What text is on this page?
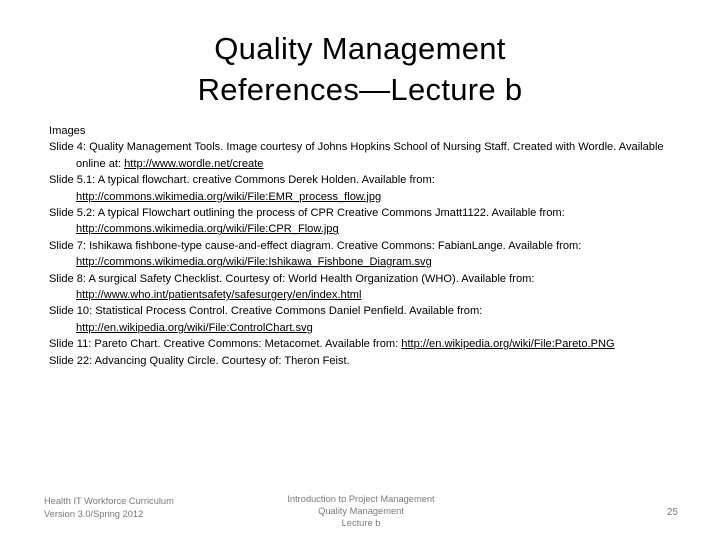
Quality Management
References—Lecture b
Images
Slide 4: Quality Management Tools. Image courtesy of Johns Hopkins School of Nursing Staff. Created with Wordle. Available online at: http://www.wordle.net/create
Slide 5.1: A typical flowchart. creative Commons Derek Holden. Available from: http://commons.wikimedia.org/wiki/File:EMR_process_flow.jpg
Slide 5.2: A typical Flowchart outlining the process of CPR Creative Commons Jmatt1122. Available from: http://commons.wikimedia.org/wiki/File:CPR_Flow.jpg
Slide 7: Ishikawa fishbone-type cause-and-effect diagram. Creative Commons: FabianLange. Available from: http://commons.wikimedia.org/wiki/File:Ishikawa_Fishbone_Diagram.svg
Slide 8: A surgical Safety Checklist. Courtesy of: World Health Organization (WHO). Available from: http://www.who.int/patientsafety/safesurgery/en/index.html
Slide 10: Statistical Process Control. Creative Commons Daniel Penfield. Available from: http://en.wikipedia.org/wiki/File:ControlChart.svg
Slide 11: Pareto Chart. Creative Commons: Metacomet. Available from: http://en.wikipedia.org/wiki/File:Pareto.PNG
Slide 22: Advancing Quality Circle. Courtesy of: Theron Feist.
Health IT Workforce Curriculum
Version 3.0/Spring 2012
Introduction to Project Management
Quality Management
Lecture b
25
